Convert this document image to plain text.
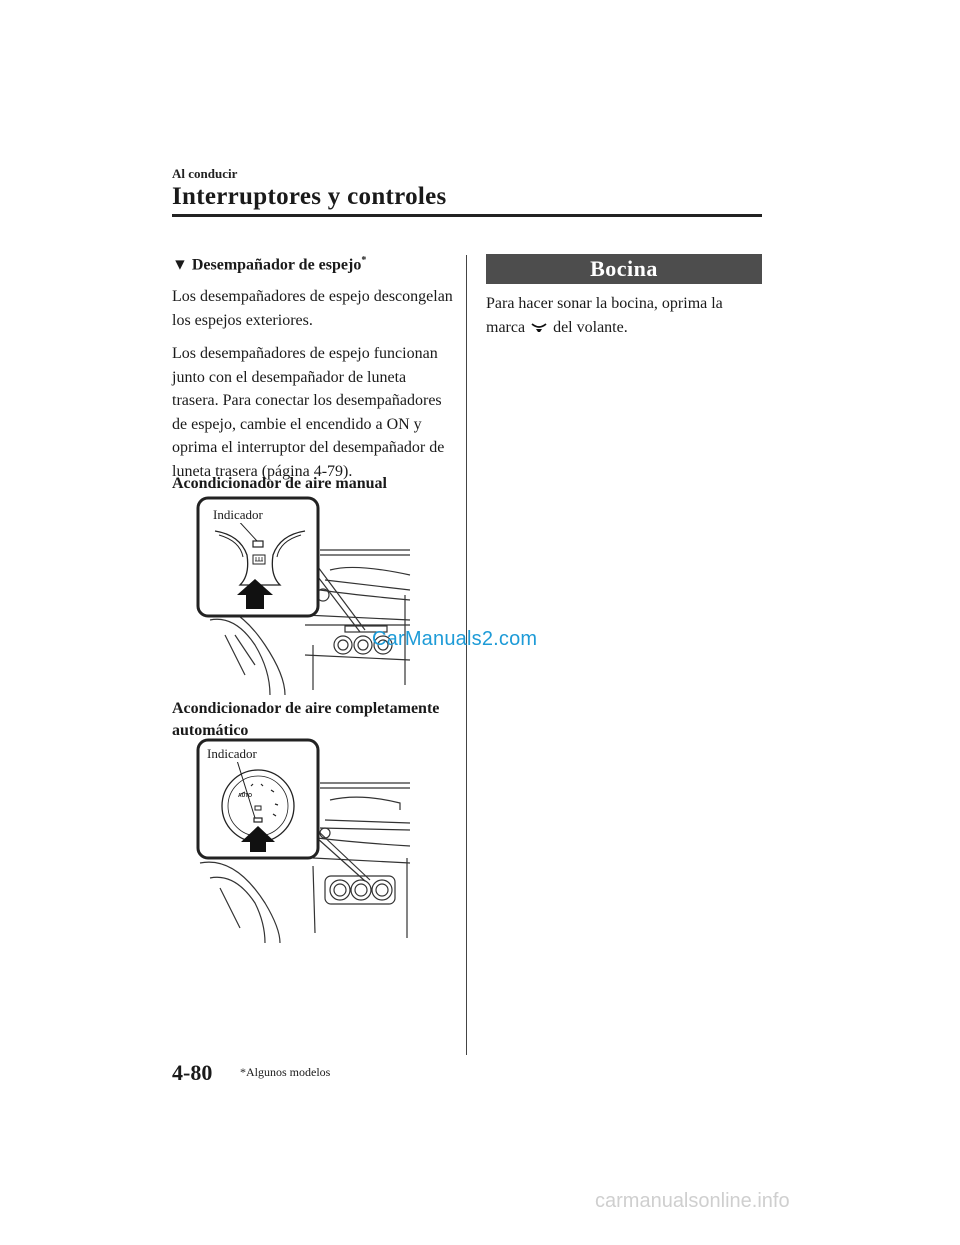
Al conducir
Interruptores y controles
▼ Desempañador de espejo*
Los desempañadores de espejo descongelan los espejos exteriores.
Los desempañadores de espejo funcionan junto con el desempañador de luneta trasera. Para conectar los desempañadores de espejo, cambie el encendido a ON y oprima el interruptor del desempañador de luneta trasera (página 4-79).
Acondicionador de aire manual
Indicador
Acondicionador de aire completamente automático
Indicador
AUTO
Bocina
Para hacer sonar la bocina, oprima la marca del volante.
4-80 *Algunos modelos
CarManuals2.com
carmanualsonline.info
